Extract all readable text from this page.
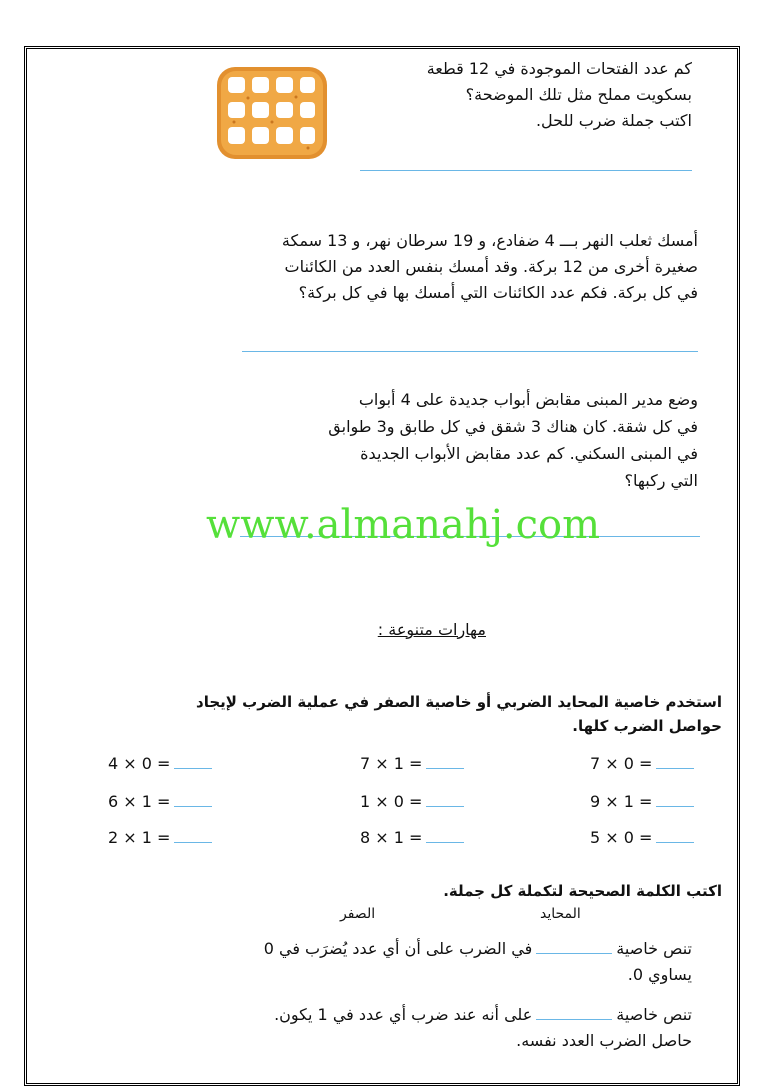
كم عدد الفتحات الموجودة في 12 قطعة
بسكويت مملح مثل تلك الموضحة؟
اكتب جملة ضرب للحل.
أمسك ثعلب النهر بـــ 4 ضفادع، و 19 سرطان نهر، و 13 سمكة
صغيرة أخرى من 12 بركة. وقد أمسك بنفس العدد من الكائنات
في كل بركة. فكم عدد الكائنات التي أمسك بها في كل بركة؟
وضع مدير المبنى مقابض أبواب جديدة على 4 أبواب
في كل شقة. كان هناك 3 شقق في كل طابق و3 طوابق
في المبنى السكني. كم عدد مقابض الأبواب الجديدة
التي ركبها؟
www.almanahj.com
مهارات متنوعة :
استخدم خاصية المحايد الضربي أو خاصية الصفر في عملية الضرب لإيجاد
حواصل الضرب كلها.
7 × 0 =
7 × 1 =
4 × 0 =
9 × 1 =
1 × 0 =
6 × 1 =
5 × 0 =
8 × 1 =
2 × 1 =
اكتب الكلمة الصحيحة لتكملة كل جملة.
المحايد
الصفر
تنص خاصيةفي الضرب على أن أي عدد يُضرَب في 0
يساوي 0.
تنص خاصيةعلى أنه عند ضرب أي عدد في 1 يكون.
حاصل الضرب العدد نفسه.
